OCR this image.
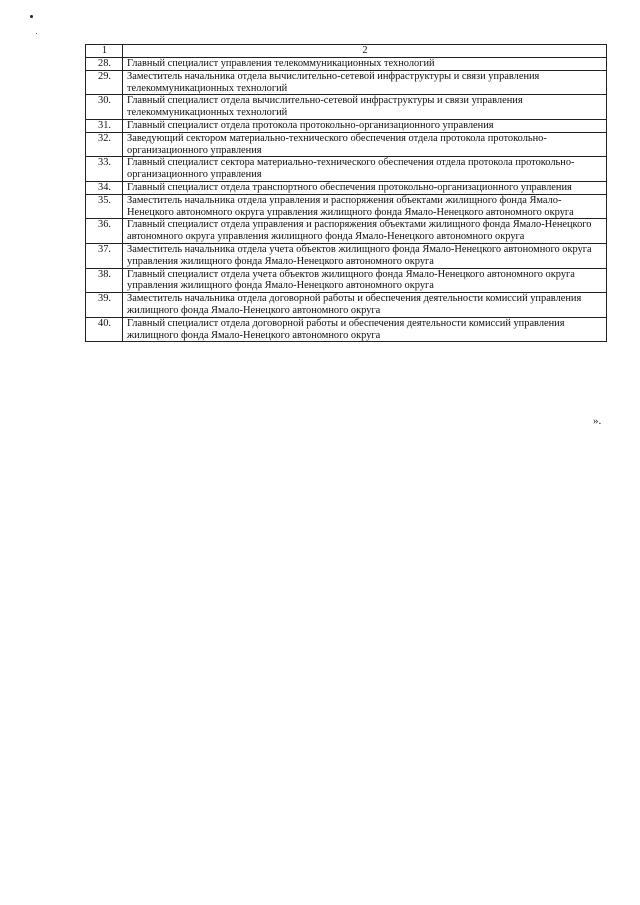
1	2
28.	Главный специалист управления телекоммуникационных технологий
29.	Заместитель начальника отдела вычислительно-сетевой инфраструктуры и связи управления телекоммуникационных технологий
30.	Главный специалист отдела вычислительно-сетевой инфраструктуры и связи управления телекоммуникационных технологий
31.	Главный специалист отдела протокола протокольно-организационного управления
32.	Заведующий сектором материально-технического обеспечения отдела протокола протокольно-организационного управления
33.	Главный специалист сектора материально-технического обеспечения отдела протокола протокольно-организационного управления
34.	Главный специалист отдела транспортного обеспечения протокольно-организационного управления
35.	Заместитель начальника отдела управления и распоряжения объектами жилищного фонда Ямало-Ненецкого автономного округа управления жилищного фонда Ямало-Ненецкого автономного округа
36.	Главный специалист отдела управления и распоряжения объектами жилищного фонда Ямало-Ненецкого автономного округа управления жилищного фонда Ямало-Ненецкого автономного округа
37.	Заместитель начальника отдела учета объектов жилищного фонда Ямало-Ненецкого автономного округа управления жилищного фонда Ямало-Ненецкого автономного округа
38.	Главный специалист отдела учета объектов жилищного фонда Ямало-Ненецкого автономного округа управления жилищного фонда Ямало-Ненецкого автономного округа
39.	Заместитель начальника отдела договорной работы и обеспечения деятельности комиссий управления жилищного фонда Ямало-Ненецкого автономного округа
40.	Главный специалист отдела договорной работы и обеспечения деятельности комиссий управления жилищного фонда Ямало-Ненецкого автономного округа
».
